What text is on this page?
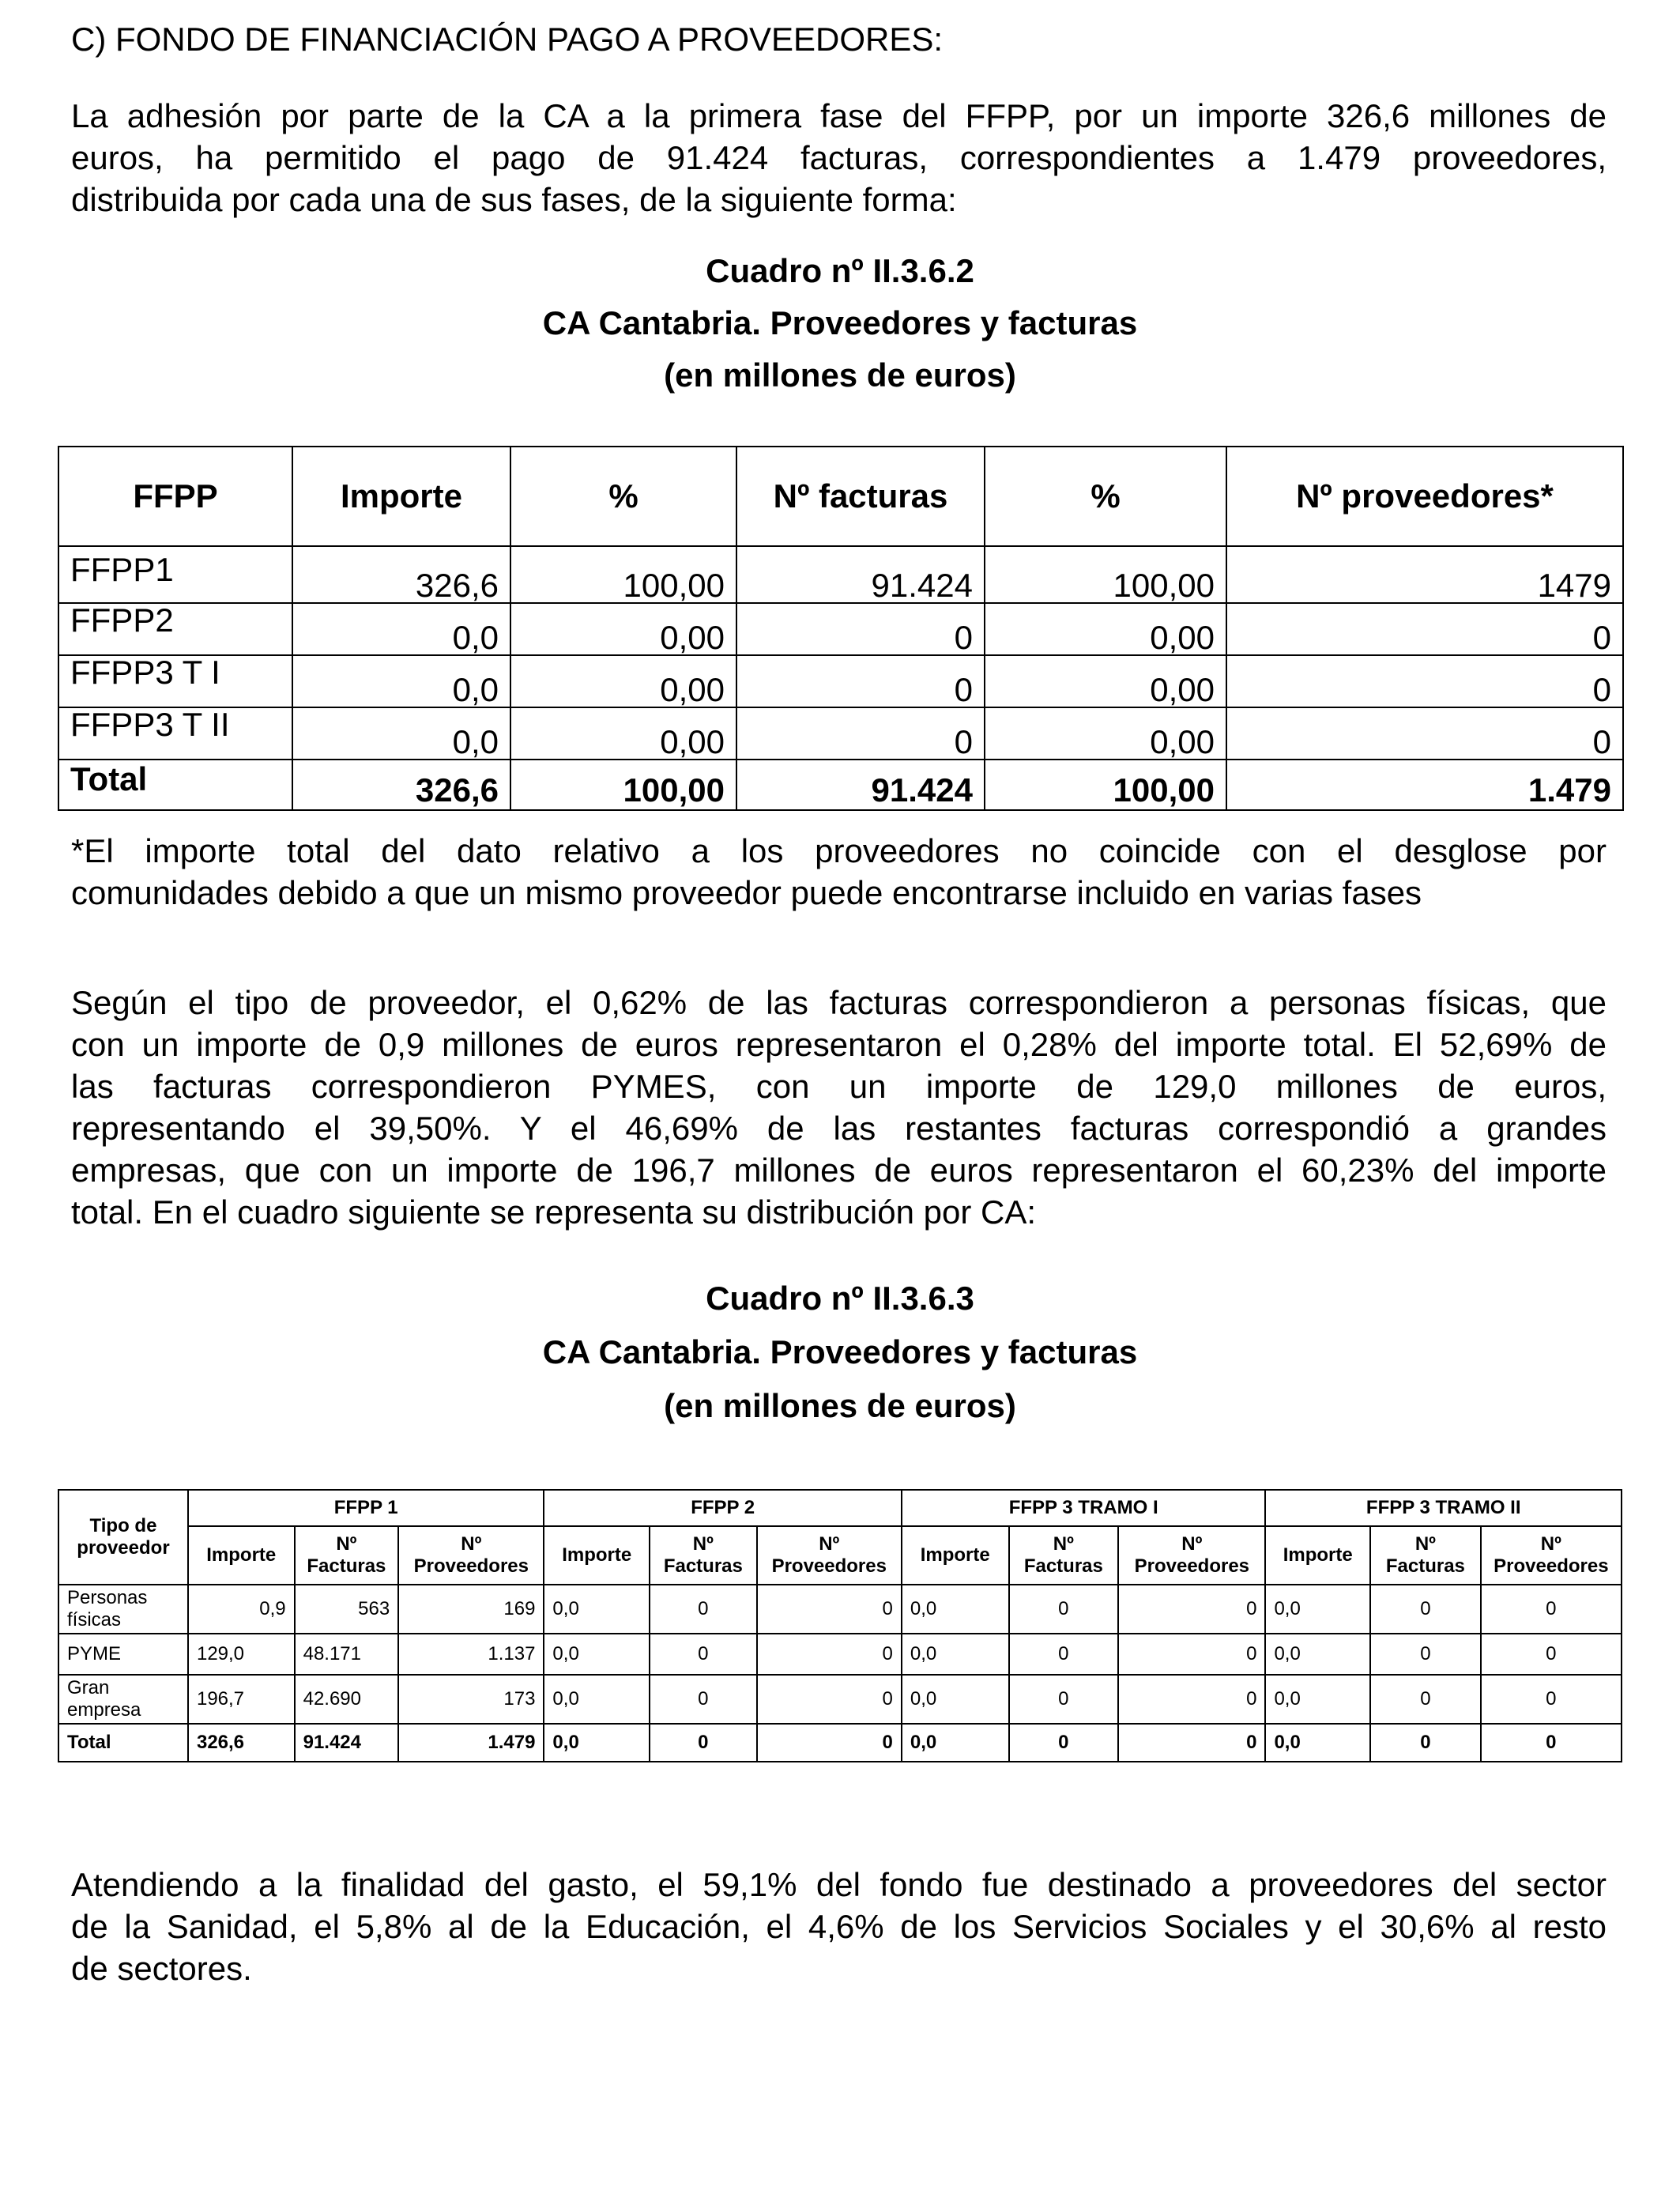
C) FONDO DE FINANCIACIÓN PAGO A PROVEEDORES:
La adhesión por parte de la CA a la primera fase del FFPP, por un importe 326,6 millones de
euros, ha permitido el pago de 91.424 facturas, correspondientes a 1.479 proveedores,
distribuida por cada una de sus fases, de la siguiente forma:
Cuadro nº II.3.6.2
CA Cantabria. Proveedores y facturas
(en millones de euros)
FFPP	Importe	%	Nº facturas	%	Nº proveedores*
FFPP1	326,6	100,00	91.424	100,00	1479
FFPP2	0,0	0,00	0	0,00	0
FFPP3 T I	0,0	0,00	0	0,00	0
FFPP3 T II	0,0	0,00	0	0,00	0
Total	326,6	100,00	91.424	100,00	1.479
*El importe total del dato relativo a los proveedores no coincide con el desglose por
comunidades debido a que un mismo proveedor puede encontrarse incluido en varias fases
Según el tipo de proveedor, el 0,62% de las facturas correspondieron a personas físicas, que
con un importe de 0,9 millones de euros representaron el 0,28% del importe total. El 52,69% de
las facturas correspondieron PYMES, con un importe de 129,0 millones de euros,
representando el 39,50%. Y el 46,69% de las restantes facturas correspondió a grandes
empresas, que con un importe de 196,7 millones de euros representaron el 60,23% del importe
total. En el cuadro siguiente se representa su distribución por CA:
Cuadro nº II.3.6.3
CA Cantabria. Proveedores y facturas
(en millones de euros)
Tipo de proveedor	FFPP 1			FFPP 2			FFPP 3 TRAMO I			FFPP 3 TRAMO II		
	Importe	Nº Facturas	Nº Proveedores	Importe	Nº Facturas	Nº Proveedores	Importe	Nº Facturas	Nº Proveedores	Importe	Nº Facturas	Nº Proveedores
Personas físicas	0,9	563	169	0,0	0	0	0,0	0	0	0,0	0	0
PYME	129,0	48.171	1.137	0,0	0	0	0,0	0	0	0,0	0	0
Gran empresa	196,7	42.690	173	0,0	0	0	0,0	0	0	0,0	0	0
Total	326,6	91.424	1.479	0,0	0	0	0,0	0	0	0,0	0	0
Atendiendo a la finalidad del gasto, el 59,1% del fondo fue destinado a proveedores del sector
de la Sanidad, el 5,8% al de la Educación, el 4,6% de los Servicios Sociales y el 30,6% al resto
de sectores.
